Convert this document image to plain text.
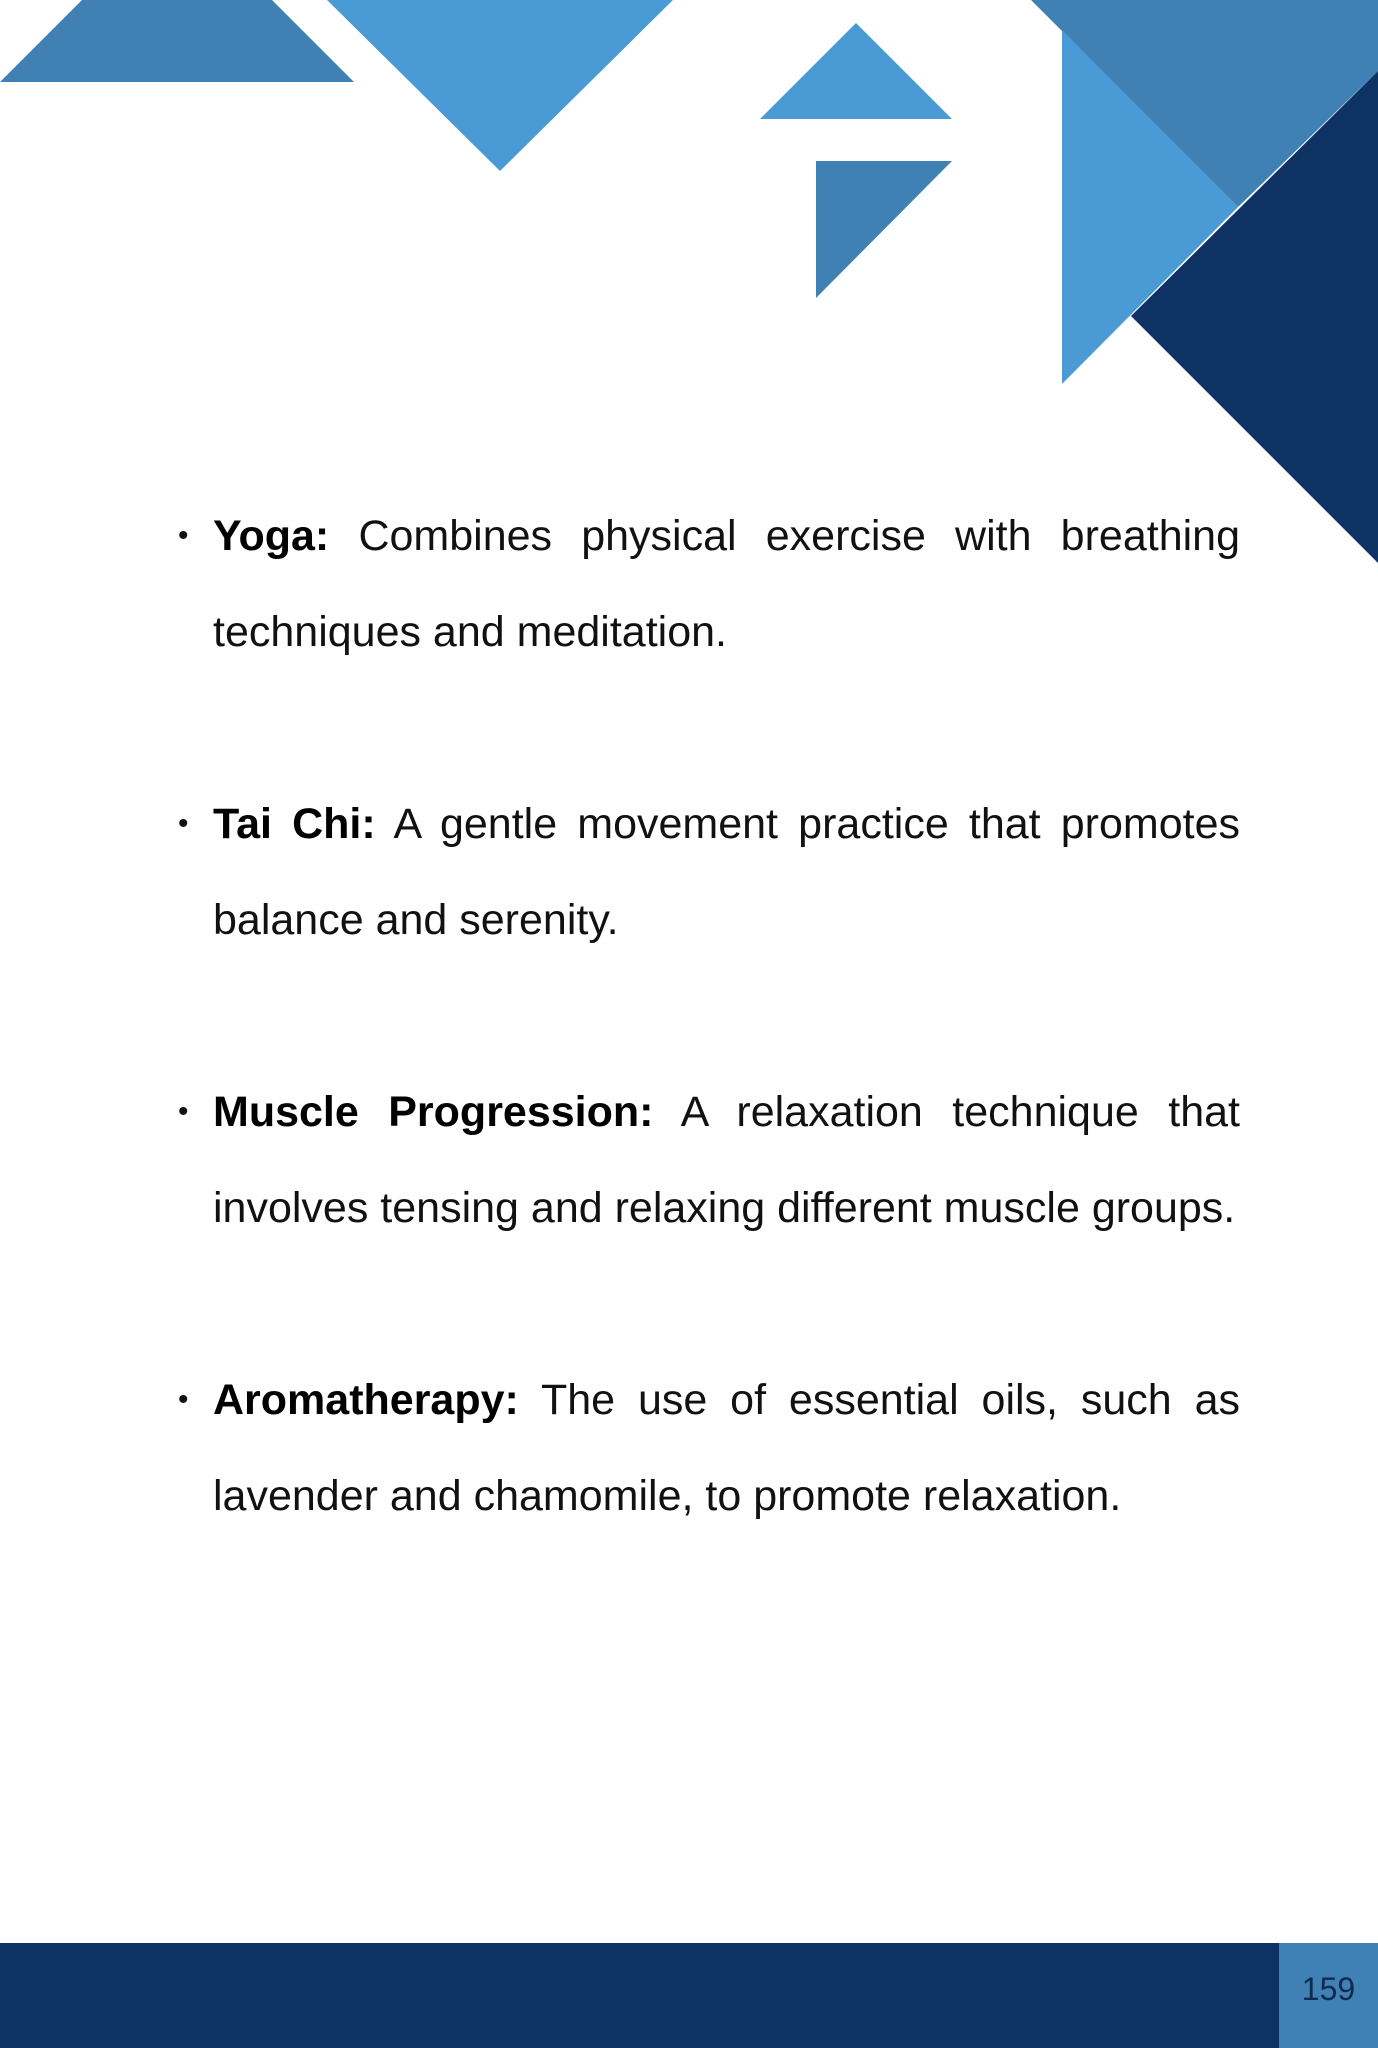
• Yoga: Combines physical exercise with breathing techniques and meditation.
• Tai Chi: A gentle movement practice that promotes balance and serenity.
• Muscle Progression: A relaxation technique that involves tensing and relaxing different muscle groups.
• Aromatherapy: The use of essential oils, such as lavender and chamomile, to promote relaxation.
159
